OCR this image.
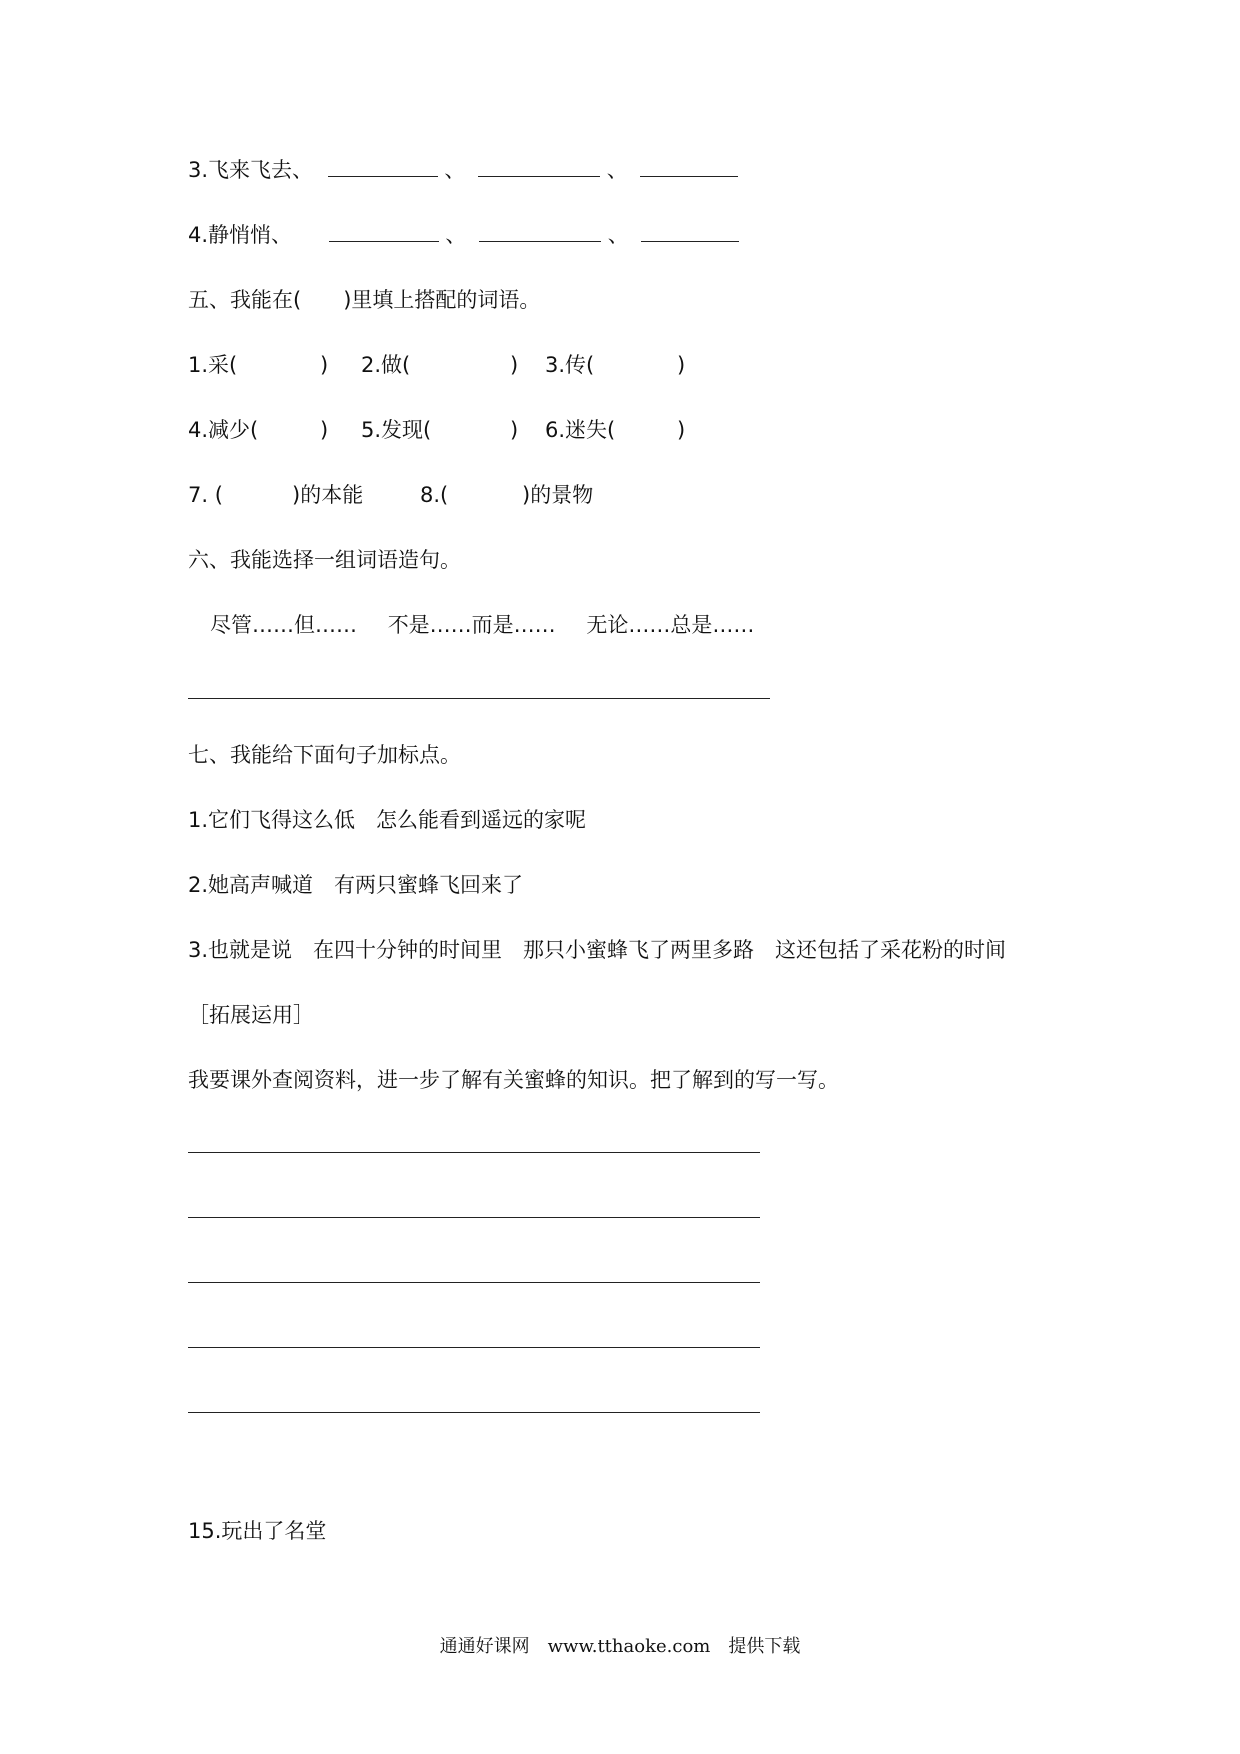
3.飞来飞去、	、	、
4.静悄悄、	、	、
五、我能在(　　)里填上搭配的词语。
1.采(	) 2.做(	) 3.传(	)
4.减少(	) 5.发现(	) 6.迷失(	)
7. (	)的本能	8.(	)的景物
六、我能选择一组词语造句。
尽管……但…… 不是……而是…… 无论……总是……
七、我能给下面句子加标点。
1.它们飞得这么低　怎么能看到遥远的家呢
2.她高声喊道　有两只蜜蜂飞回来了
3.也就是说　在四十分钟的时间里　那只小蜜蜂飞了两里多路　这还包括了采花粉的时间
［拓展运用］
我要课外查阅资料，进一步了解有关蜜蜂的知识。把了解到的写一写。
15.玩出了名堂
通通好课网　www.tthaoke.com　提供下载
